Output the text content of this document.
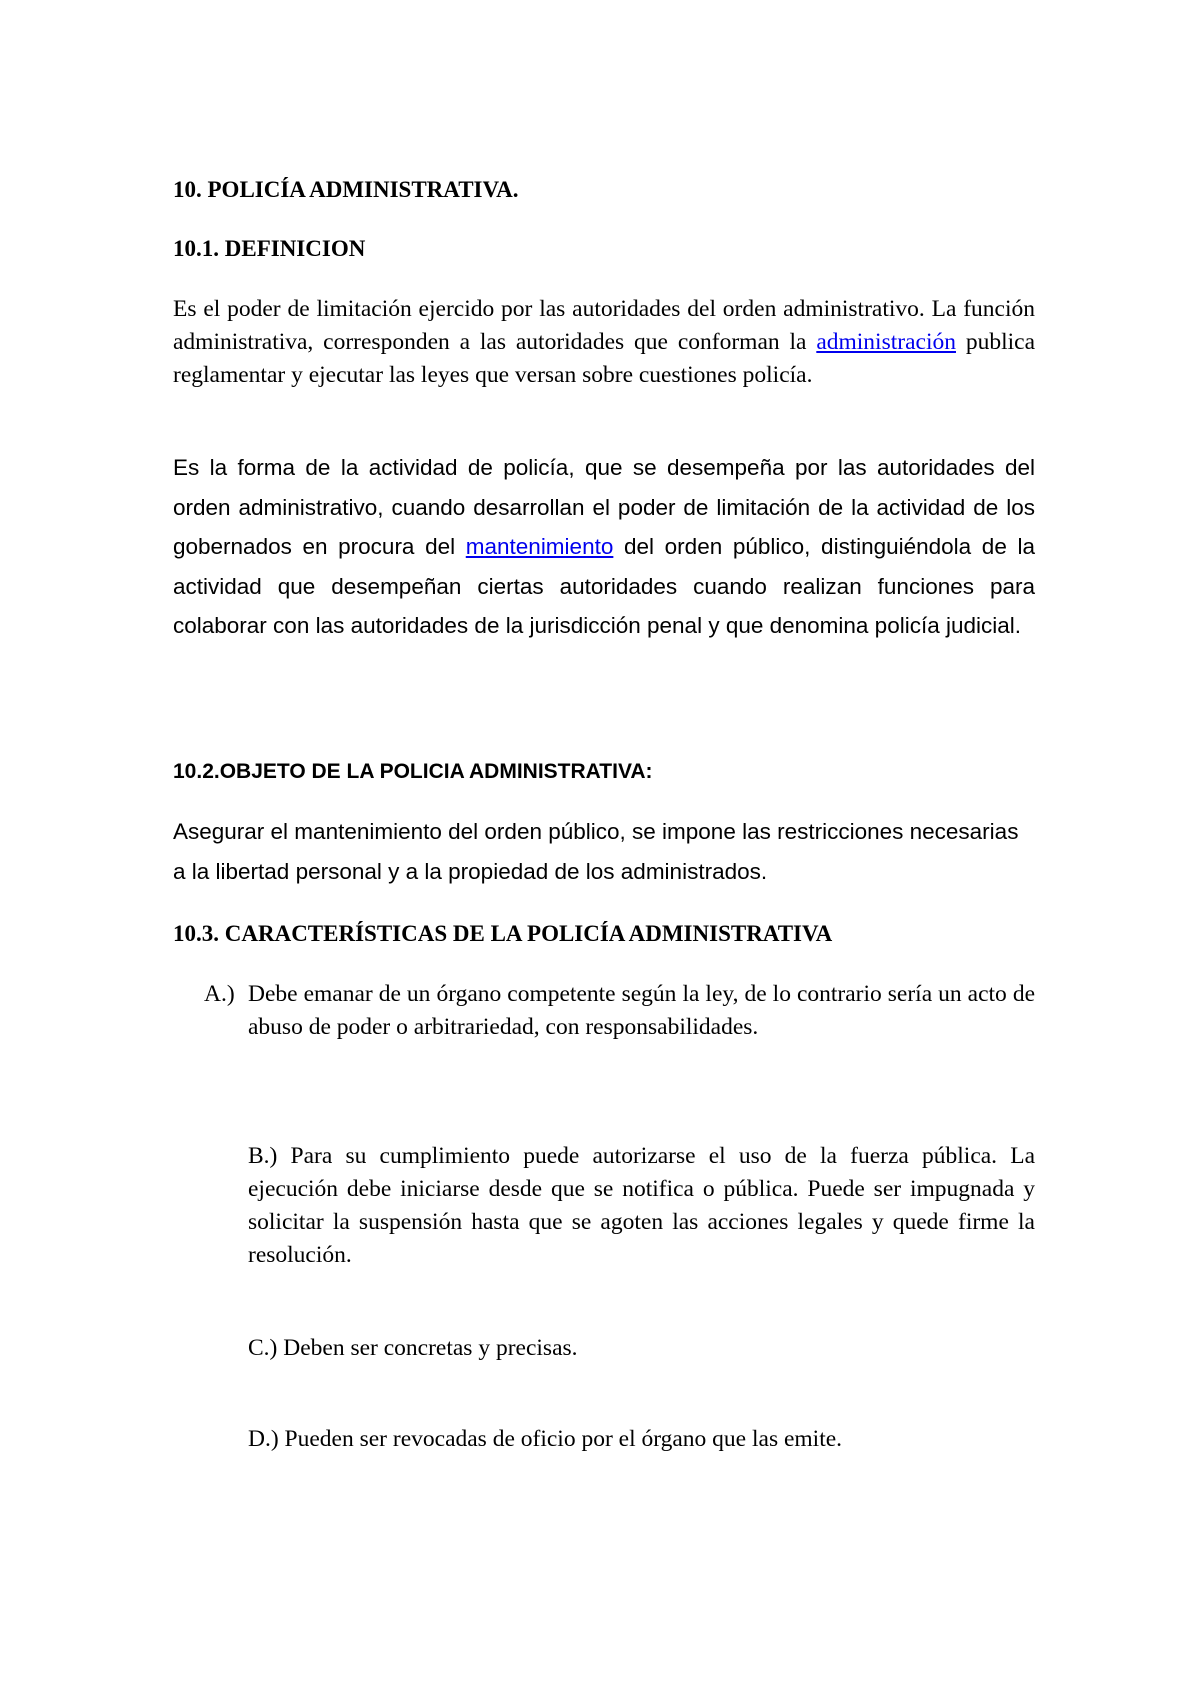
10. POLICÍA ADMINISTRATIVA.
10.1. DEFINICION

Es el poder de limitación ejercido por las autoridades del orden administrativo. La función administrativa, corresponden a las autoridades que conforman la administración publica reglamentar y ejecutar las leyes que versan sobre cuestiones policía.

Es la forma de la actividad de policía, que se desempeña por las autoridades del orden administrativo, cuando desarrollan el poder de limitación de la actividad de los gobernados en procura del mantenimiento del orden público, distinguiéndola de la actividad que desempeñan ciertas autoridades cuando realizan funciones para colaborar con las autoridades de la jurisdicción penal y que denomina policía judicial.

10.2.OBJETO DE LA POLICIA ADMINISTRATIVA:

Asegurar el mantenimiento del orden público, se impone las restricciones necesarias a la libertad personal y a la propiedad de los administrados.

10.3. CARACTERÍSTICAS DE LA POLICÍA ADMINISTRATIVA
A.) Debe emanar de un órgano competente según la ley, de lo contrario sería un acto de abuso de poder o arbitrariedad, con responsabilidades.

B.) Para su cumplimiento puede autorizarse el uso de la fuerza pública. La ejecución debe iniciarse desde que se notifica o pública. Puede ser impugnada y solicitar la suspensión hasta que se agoten las acciones legales y quede firme la resolución.

C.) Deben ser concretas y precisas.

D.) Pueden ser revocadas de oficio por el órgano que las emite.
